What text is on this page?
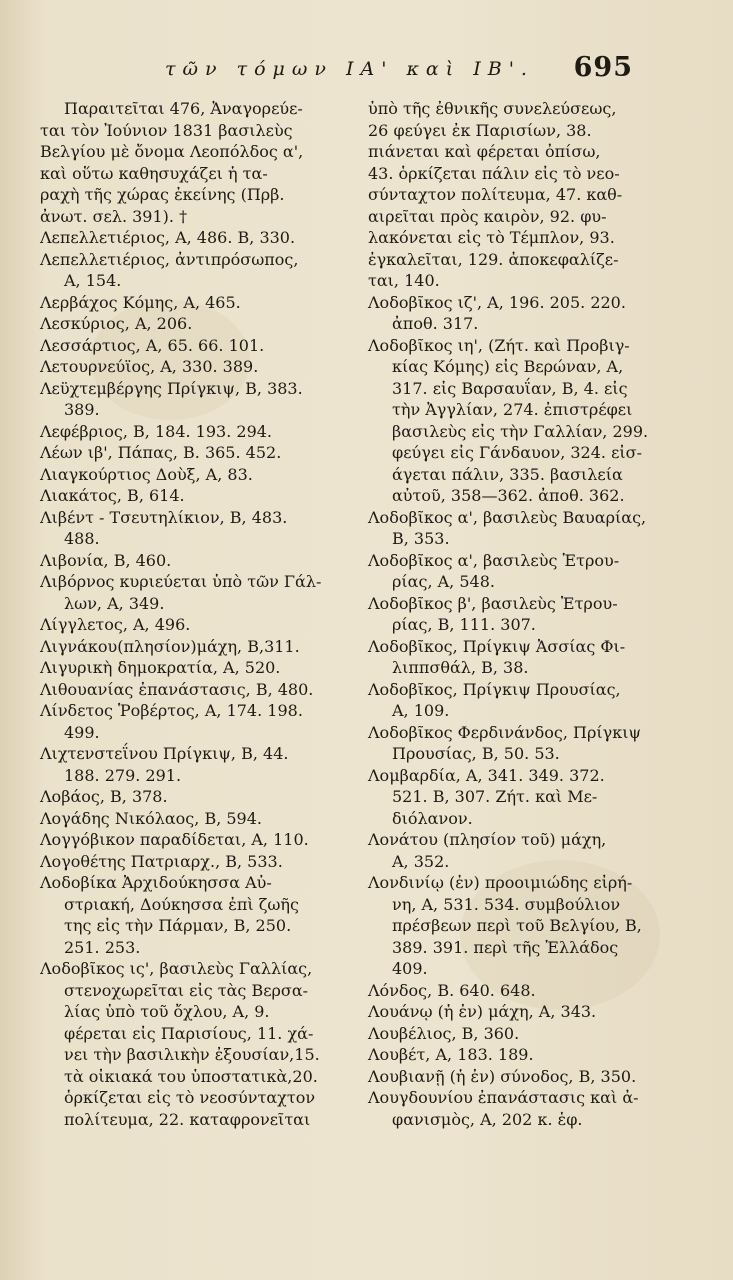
τῶν τόμων ΙΑ' καὶ ΙΒ'. 695
Παραιτεῖται 476, Ἀναγορεύε-
ται τὸν Ἰούνιον 1831 βασιλεὺς
Βελγίου μὲ ὄνομα Λεοπόλδος α',
καὶ οὕτω καθησυχάζει ἡ τα-
ραχὴ τῆς χώρας ἐκείνης (Πρβ.
ἀνωτ. σελ. 391). †
Λεπελλετιέριος, Α, 486. Β, 330.
Λεπελλετιέριος, ἀντιπρόσωπος,
Α, 154.
Λερβάχος Κόμης, Α, 465.
Λεσκύριος, Α, 206.
Λεσσάρτιος, Α, 65. 66. 101.
Λετουρνεύϊος, Α, 330. 389.
Λεϋχτεμβέργης Πρίγκιψ, Β, 383.
389.
Λεφέβριος, Β, 184. 193. 294.
Λέων ιβ', Πάπας, Β. 365. 452.
Λιαγκούρτιος Δοὺξ, Α, 83.
Λιακάτος, Β, 614.
Λιβέντ - Τσευτηλίκιον, Β, 483.
488.
Λιβονία, Β, 460.
Λιβόρνος κυριεύεται ὑπὸ τῶν Γάλ-
λων, Α, 349.
Λίγγλετος, Α, 496.
Λιγνάκου(πλησίον)μάχη, Β,311.
Λιγυρικὴ δημοκρατία, Α, 520.
Λιθουανίας ἐπανάστασις, Β, 480.
Λίνδετος Ῥοβέρτος, Α, 174. 198.
499.
Λιχτενστεΐνου Πρίγκιψ, Β, 44.
188. 279. 291.
Λοβάος, Β, 378.
Λογάδης Νικόλαος, Β, 594.
Λογγόβικον παραδίδεται, Α, 110.
Λογοθέτης Πατριαρχ., Β, 533.
Λοδοβίκα Ἀρχιδούκησσα Αὐ-
στριακή, Δούκησσα ἐπὶ ζωῆς
της εἰς τὴν Πάρμαν, Β, 250.
251. 253.
Λοδοβῖκος ις', βασιλεὺς Γαλλίας,
στενοχωρεῖται εἰς τὰς Βερσα-
λίας ὑπὸ τοῦ ὄχλου, Α, 9.
φέρεται εἰς Παρισίους, 11. χά-
νει τὴν βασιλικὴν ἐξουσίαν,15.
τὰ οἰκιακά του ὑποστατικὰ,20.
ὁρκίζεται εἰς τὸ νεοσύνταχτον
πολίτευμα, 22. καταφρονεῖται
ὑπὸ τῆς ἐθνικῆς συνελεύσεως,
26 φεύγει ἐκ Παρισίων, 38.
πιάνεται καὶ φέρεται ὀπίσω,
43. ὁρκίζεται πάλιν εἰς τὸ νεο-
σύνταχτον πολίτευμα, 47. καθ-
αιρεῖται πρὸς καιρὸν, 92. φυ-
λακόνεται εἰς τὸ Τέμπλον, 93.
ἐγκαλεῖται, 129. ἀποκεφαλίζε-
ται, 140.
Λοδοβῖκος ιζ', Α, 196. 205. 220.
ἀποθ. 317.
Λοδοβῖκος ιη', (Ζήτ. καὶ Προβιγ-
κίας Κόμης) εἰς Βερώναν, Α,
317. εἰς Βαρσαυΐαν, Β, 4. εἰς
τὴν Ἀγγλίαν, 274. ἐπιστρέφει
βασιλεὺς εἰς τὴν Γαλλίαν, 299.
φεύγει εἰς Γάνδαυον, 324. εἰσ-
άγεται πάλιν, 335. βασιλεία
αὐτοῦ, 358—362. ἀποθ. 362.
Λοδοβῖκος α', βασιλεὺς Βαυαρίας,
Β, 353.
Λοδοβῖκος α', βασιλεὺς Ἐτρου-
ρίας, Α, 548.
Λοδοβῖκος β', βασιλεὺς Ἐτρου-
ρίας, Β, 111. 307.
Λοδοβῖκος, Πρίγκιψ Ἀσσίας Φι-
λιππσθάλ, Β, 38.
Λοδοβῖκος, Πρίγκιψ Προυσίας,
Α, 109.
Λοδοβῖκος Φερδινάνδος, Πρίγκιψ
Προυσίας, Β, 50. 53.
Λομβαρδία, Α, 341. 349. 372.
521. Β, 307. Ζήτ. καὶ Με-
διόλανον.
Λονάτου (πλησίον τοῦ) μάχη,
Α, 352.
Λονδινίῳ (ἐν) προοιμιώδης εἰρή-
νη, Α, 531. 534. συμβούλιον
πρέσβεων περὶ τοῦ Βελγίου, Β,
389. 391. περὶ τῆς Ἑλλάδος
409.
Λόνδος, Β. 640. 648.
Λουάνῳ (ἡ ἐν) μάχη, Α, 343.
Λουβέλιος, Β, 360.
Λουβέτ, Α, 183. 189.
Λουβιανῇ (ἡ ἐν) σύνοδος, Β, 350.
Λουγδουνίου ἐπανάστασις καὶ ἀ-
φανισμὸς, Α, 202 κ. ἑφ.
